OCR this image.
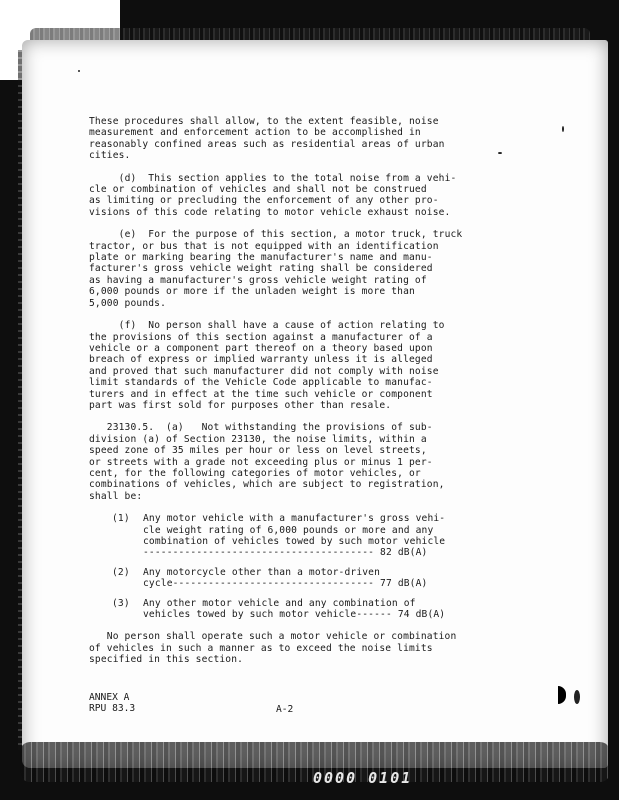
These procedures shall allow, to the extent feasible, noise
measurement and enforcement action to be accomplished in
reasonably confined areas such as residential areas of urban
cities.

(d)  This section applies to the total noise from a vehi-
cle or combination of vehicles and shall not be construed
as limiting or precluding the enforcement of any other pro-
visions of this code relating to motor vehicle exhaust noise.

(e)  For the purpose of this section, a motor truck, truck
tractor, or bus that is not equipped with an identification
plate or marking bearing the manufacturer's name and manu-
facturer's gross vehicle weight rating shall be considered
as having a manufacturer's gross vehicle weight rating of
6,000 pounds or more if the unladen weight is more than
5,000 pounds.

(f)  No person shall have a cause of action relating to
the provisions of this section against a manufacturer of a
vehicle or a component part thereof on a theory based upon
breach of express or implied warranty unless it is alleged
and proved that such manufacturer did not comply with noise
limit standards of the Vehicle Code applicable to manufac-
turers and in effect at the time such vehicle or component
part was first sold for purposes other than resale.

23130.5.  (a)   Not withstanding the provisions of sub-
division (a) of Section 23130, the noise limits, within a
speed zone of 35 miles per hour or less on level streets,
or streets with a grade not exceeding plus or minus 1 per-
cent, for the following categories of motor vehicles, or
combinations of vehicles, which are subject to registration,
shall be:

(1) Any motor vehicle with a manufacturer's gross vehi-
cle weight rating of 6,000 pounds or more and any
combination of vehicles towed by such motor vehicle
--------------------------------------- 82 dB(A)
(2) Any motorcycle other than a motor-driven
cycle---------------------------------- 77 dB(A)
(3) Any other motor vehicle and any combination of
vehicles towed by such motor vehicle------ 74 dB(A)

No person shall operate such a motor vehicle or combination
of vehicles in such a manner as to exceed the noise limits
specified in this section.

ANNEX A
RPU 83.3	A-2
0000 0101
